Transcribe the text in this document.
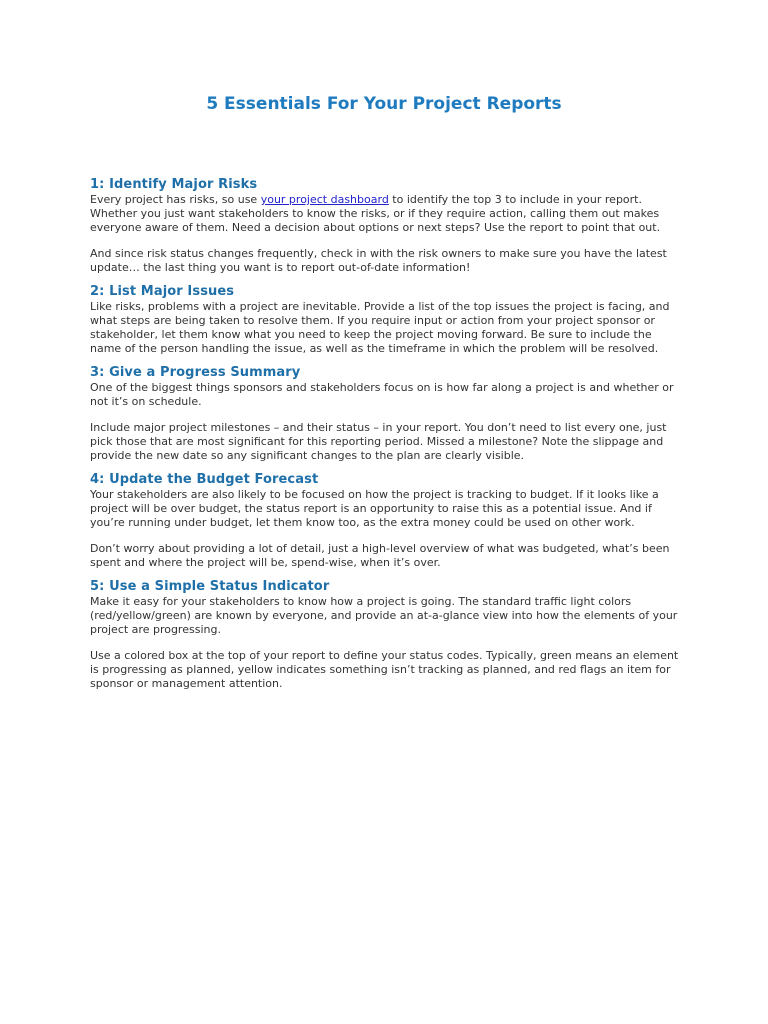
5 Essentials For Your Project Reports
1: Identify Major Risks

Every project has risks, so use your project dashboard to identify the top 3 to include in your report. Whether you just want stakeholders to know the risks, or if they require action, calling them out makes everyone aware of them. Need a decision about options or next steps? Use the report to point that out.

And since risk status changes frequently, check in with the risk owners to make sure you have the latest update… the last thing you want is to report out-of-date information!

2: List Major Issues

Like risks, problems with a project are inevitable. Provide a list of the top issues the project is facing, and what steps are being taken to resolve them. If you require input or action from your project sponsor or stakeholder, let them know what you need to keep the project moving forward. Be sure to include the name of the person handling the issue, as well as the timeframe in which the problem will be resolved.

3: Give a Progress Summary

One of the biggest things sponsors and stakeholders focus on is how far along a project is and whether or not it’s on schedule.

Include major project milestones – and their status – in your report. You don’t need to list every one, just pick those that are most significant for this reporting period. Missed a milestone? Note the slippage and provide the new date so any significant changes to the plan are clearly visible.

4: Update the Budget Forecast

Your stakeholders are also likely to be focused on how the project is tracking to budget. If it looks like a project will be over budget, the status report is an opportunity to raise this as a potential issue. And if you’re running under budget, let them know too, as the extra money could be used on other work.

Don’t worry about providing a lot of detail, just a high-level overview of what was budgeted, what’s been spent and where the project will be, spend-wise, when it’s over.

5: Use a Simple Status Indicator

Make it easy for your stakeholders to know how a project is going. The standard traffic light colors (red/yellow/green) are known by everyone, and provide an at-a-glance view into how the elements of your project are progressing.

Use a colored box at the top of your report to define your status codes. Typically, green means an element is progressing as planned, yellow indicates something isn’t tracking as planned, and red flags an item for sponsor or management attention.
